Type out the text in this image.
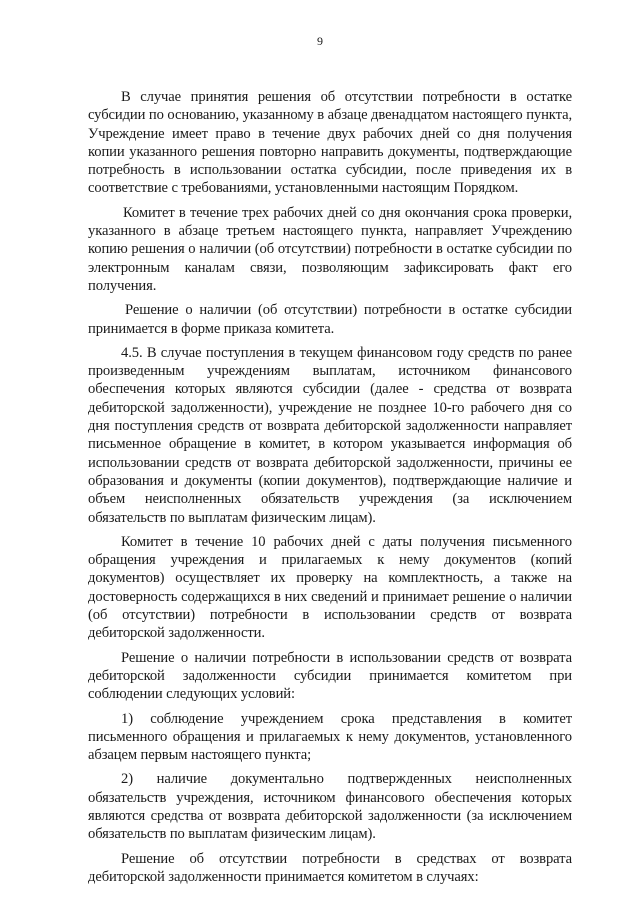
9

В случае принятия решения об отсутствии потребности в остатке субсидии по основанию, указанному в абзаце двенадцатом настоящего пункта, Учреждение имеет право в течение двух рабочих дней со дня получения копии указанного решения повторно направить документы, подтверждающие потребность в использовании остатка субсидии, после приведения их в соответствие с требованиями, установленными настоящим Порядком.

Комитет в течение трех рабочих дней со дня окончания срока проверки, указанного в абзаце третьем настоящего пункта, направляет Учреждению копию решения о наличии (об отсутствии) потребности в остатке субсидии по электронным каналам связи, позволяющим зафиксировать факт его получения.

Решение о наличии (об отсутствии) потребности в остатке субсидии принимается в форме приказа комитета.

4.5. В случае поступления в текущем финансовом году средств по ранее произведенным учреждениям выплатам, источником финансового обеспечения которых являются субсидии (далее - средства от возврата дебиторской задолженности), учреждение не позднее 10-го рабочего дня со дня поступления средств от возврата дебиторской задолженности направляет письменное обращение в комитет, в котором указывается информация об использовании средств от возврата дебиторской задолженности, причины ее образования и документы (копии документов), подтверждающие наличие и объем неисполненных обязательств учреждения (за исключением обязательств по выплатам физическим лицам).

Комитет в течение 10 рабочих дней с даты получения письменного обращения учреждения и прилагаемых к нему документов (копий документов) осуществляет их проверку на комплектность, а также на достоверность содержащихся в них сведений и принимает решение о наличии (об отсутствии) потребности в использовании средств от возврата дебиторской задолженности.

Решение о наличии потребности в использовании средств от возврата дебиторской задолженности субсидии принимается комитетом при соблюдении следующих условий:

1) соблюдение учреждением срока представления в комитет письменного обращения и прилагаемых к нему документов, установленного абзацем первым настоящего пункта;

2) наличие документально подтвержденных неисполненных обязательств учреждения, источником финансового обеспечения которых являются средства от возврата дебиторской задолженности (за исключением обязательств по выплатам физическим лицам).

Решение об отсутствии потребности в средствах от возврата дебиторской задолженности принимается комитетом в случаях:
